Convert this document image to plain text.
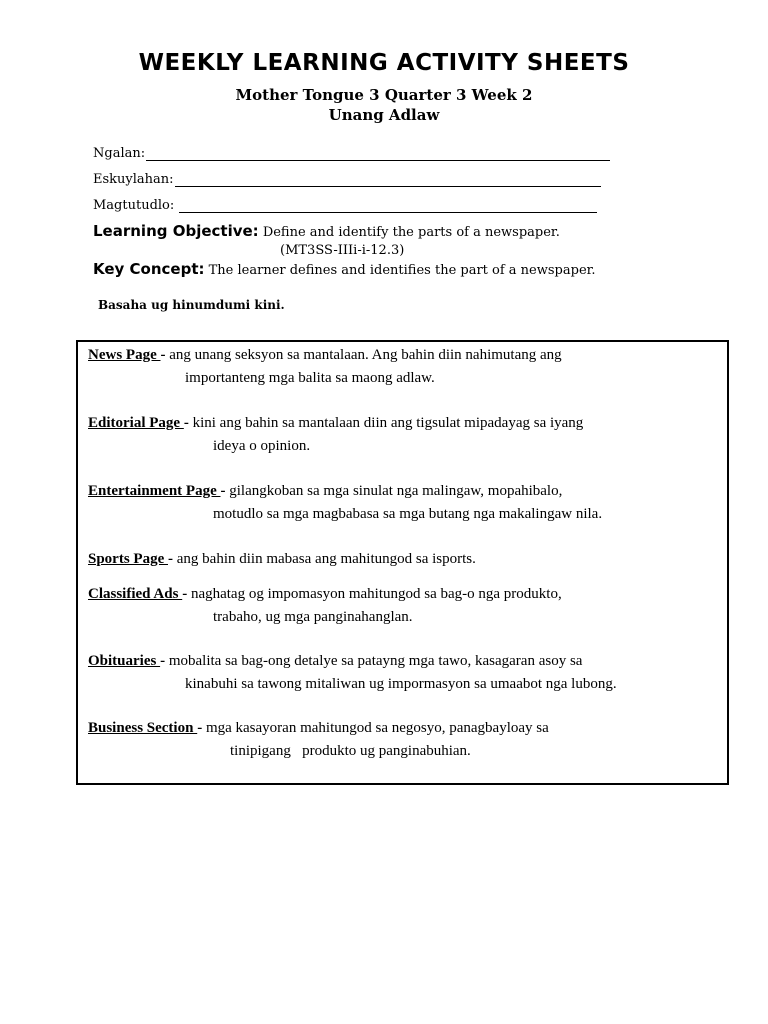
WEEKLY LEARNING ACTIVITY SHEETS
Mother Tongue 3 Quarter 3 Week 2
Unang Adlaw
Ngalan:
Eskuylahan:
Magtutudlo:
Learning Objective: Define and identify the parts of a newspaper.
(MT3SS-IIIi-i-12.3)
Key Concept: The learner defines and identifies the part of a newspaper.
Basaha ug hinumdumi kini.
News Page - ang unang seksyon sa mantalaan. Ang bahin diin nahimutang ang
importanteng mga balita sa maong adlaw.
Editorial Page - kini ang bahin sa mantalaan diin ang tigsulat mipadayag sa iyang
ideya o opinion.
Entertainment Page - gilangkoban sa mga sinulat nga malingaw, mopahibalo,
motudlo sa mga magbabasa sa mga butang nga makalingaw nila.
Sports Page - ang bahin diin mabasa ang mahitungod sa isports.
Classified Ads - naghatag og impomasyon mahitungod sa bag-o nga produkto,
trabaho, ug mga panginahanglan.
Obituaries - mobalita sa bag-ong detalye sa patayng mga tawo, kasagaran asoy sa
kinabuhi sa tawong mitaliwan ug impormasyon sa umaabot nga lubong.
Business Section - mga kasayoran mahitungod sa negosyo, panagbayloay sa
tinipigang   produkto ug panginabuhian.
